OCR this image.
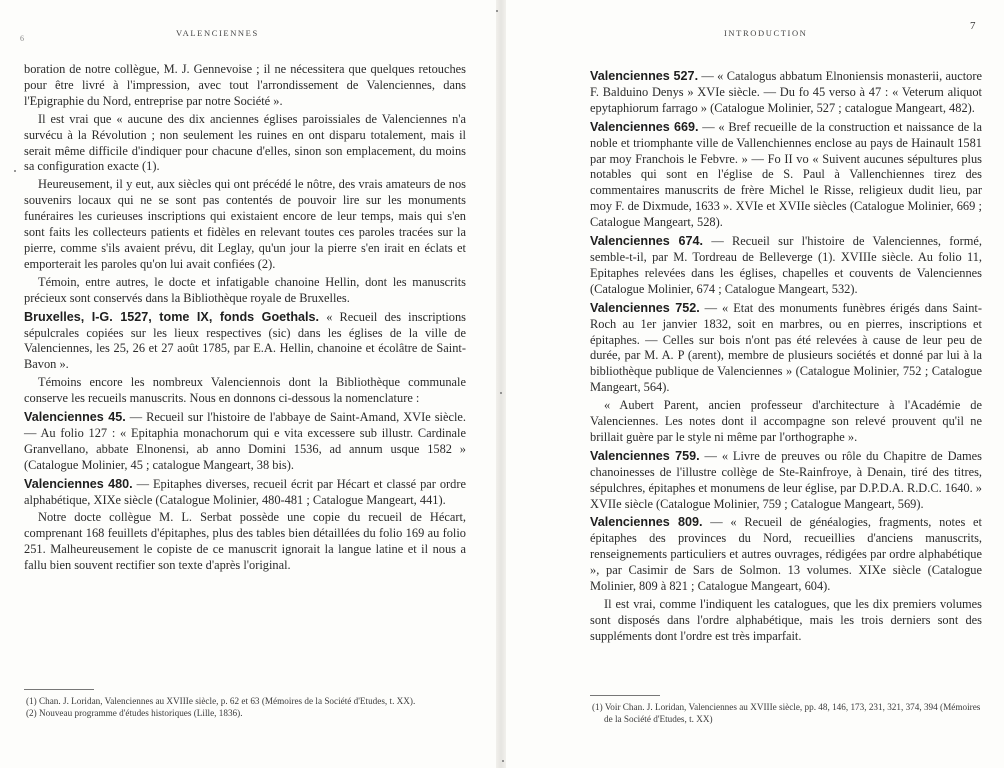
6
VALENCIENNES

boration de notre collègue, M. J. Gennevoise ; il ne nécessitera que quelques retouches pour être livré à l'impression, avec tout l'arrondissement de Valenciennes, dans l'Epigraphie du Nord, entreprise par notre Société ».

Il est vrai que « aucune des dix anciennes églises paroissiales de Valenciennes n'a survécu à la Révolution ; non seulement les ruines en ont disparu totalement, mais il serait même difficile d'indiquer pour chacune d'elles, sinon son emplacement, du moins sa configuration exacte (1).

Heureusement, il y eut, aux siècles qui ont précédé le nôtre, des vrais amateurs de nos souvenirs locaux qui ne se sont pas contentés de pouvoir lire sur les monuments funéraires les curieuses inscriptions qui existaient encore de leur temps, mais qui s'en sont faits les collecteurs patients et fidèles en relevant toutes ces paroles tracées sur la pierre, comme s'ils avaient prévu, dit Leglay, qu'un jour la pierre s'en irait en éclats et emporterait les paroles qu'on lui avait confiées (2).

Témoin, entre autres, le docte et infatigable chanoine Hellin, dont les manuscrits précieux sont conservés dans la Bibliothèque royale de Bruxelles.

Bruxelles, I-G. 1527, tome IX, fonds Goethals. « Recueil des inscriptions sépulcrales copiées sur les lieux respectives (sic) dans les églises de la ville de Valenciennes, les 25, 26 et 27 août 1785, par E.A. Hellin, chanoine et écolâtre de Saint-Bavon ».

Témoins encore les nombreux Valenciennois dont la Bibliothèque communale conserve les recueils manuscrits. Nous en donnons ci-dessous la nomenclature :

Valenciennes 45. — Recueil sur l'histoire de l'abbaye de Saint-Amand, XVIe siècle. — Au folio 127 : « Epitaphia monachorum qui e vita excessere sub illustr. Cardinale Granvellano, abbate Elnonensi, ab anno Domini 1536, ad annum usque 1582 » (Catalogue Molinier, 45 ; catalogue Mangeart, 38 bis).

Valenciennes 480. — Epitaphes diverses, recueil écrit par Hécart et classé par ordre alphabétique, XIXe siècle (Catalogue Molinier, 480-481 ; Catalogue Mangeart, 441).

Notre docte collègue M. L. Serbat possède une copie du recueil de Hécart, comprenant 168 feuillets d'épitaphes, plus des tables bien détaillées du folio 169 au folio 251. Malheureusement le copiste de ce manuscrit ignorait la langue latine et il nous a fallu bien souvent rectifier son texte d'après l'original.

(1) Chan. J. Loridan, Valenciennes au XVIIIe siècle, p. 62 et 63 (Mémoires de la Société d'Etudes, t. XX).

(2) Nouveau programme d'études historiques (Lille, 1836).

INTRODUCTION
7

Valenciennes 527. — « Catalogus abbatum Elnoniensis monasterii, auctore F. Balduino Denys » XVIe siècle. — Du fo 45 verso à 47 : « Veterum aliquot epytaphiorum farrago » (Catalogue Molinier, 527 ; catalogue Mangeart, 482).

Valenciennes 669. — « Bref recueille de la construction et naissance de la noble et triomphante ville de Vallenchiennes enclose au pays de Hainault 1581 par moy Franchois le Febvre. » — Fo II vo « Suivent aucunes sépultures plus notables qui sont en l'église de S. Paul à Vallenchiennes tirez des commentaires manuscrits de frère Michel le Risse, religieux dudit lieu, par moy F. de Dixmude, 1633 ». XVIe et XVIIe siècles (Catalogue Molinier, 669 ; Catalogue Mangeart, 528).

Valenciennes 674. — Recueil sur l'histoire de Valenciennes, formé, semble-t-il, par M. Tordreau de Belleverge (1). XVIIIe siècle. Au folio 11, Epitaphes relevées dans les églises, chapelles et couvents de Valenciennes (Catalogue Molinier, 674 ; Catalogue Mangeart, 532).

Valenciennes 752. — « Etat des monuments funèbres érigés dans Saint-Roch au 1er janvier 1832, soit en marbres, ou en pierres, inscriptions et épitaphes. — Celles sur bois n'ont pas été relevées à cause de leur peu de durée, par M. A. P (arent), membre de plusieurs sociétés et donné par lui à la bibliothèque publique de Valenciennes » (Catalogue Molinier, 752 ; Catalogue Mangeart, 564).

« Aubert Parent, ancien professeur d'architecture à l'Académie de Valenciennes. Les notes dont il accompagne son relevé prouvent qu'il ne brillait guère par le style ni même par l'orthographe ».

Valenciennes 759. — « Livre de preuves ou rôle du Chapitre de Dames chanoinesses de l'illustre collège de Ste-Rainfroye, à Denain, tiré des titres, sépulchres, épitaphes et monumens de leur église, par D.P.D.A. R.D.C. 1640. » XVIIe siècle (Catalogue Molinier, 759 ; Catalogue Mangeart, 569).

Valenciennes 809. — « Recueil de généalogies, fragments, notes et épitaphes des provinces du Nord, recueillies d'anciens manuscrits, renseignements particuliers et autres ouvrages, rédigées par ordre alphabétique », par Casimir de Sars de Solmon. 13 volumes. XIXe siècle (Catalogue Molinier, 809 à 821 ; Catalogue Mangeart, 604).

Il est vrai, comme l'indiquent les catalogues, que les dix premiers volumes sont disposés dans l'ordre alphabétique, mais les trois derniers sont des suppléments dont l'ordre est très imparfait.

(1) Voir Chan. J. Loridan, Valenciennes au XVIIIe siècle, pp. 48, 146, 173, 231, 321, 374, 394 (Mémoires de la Société d'Etudes, t. XX)
